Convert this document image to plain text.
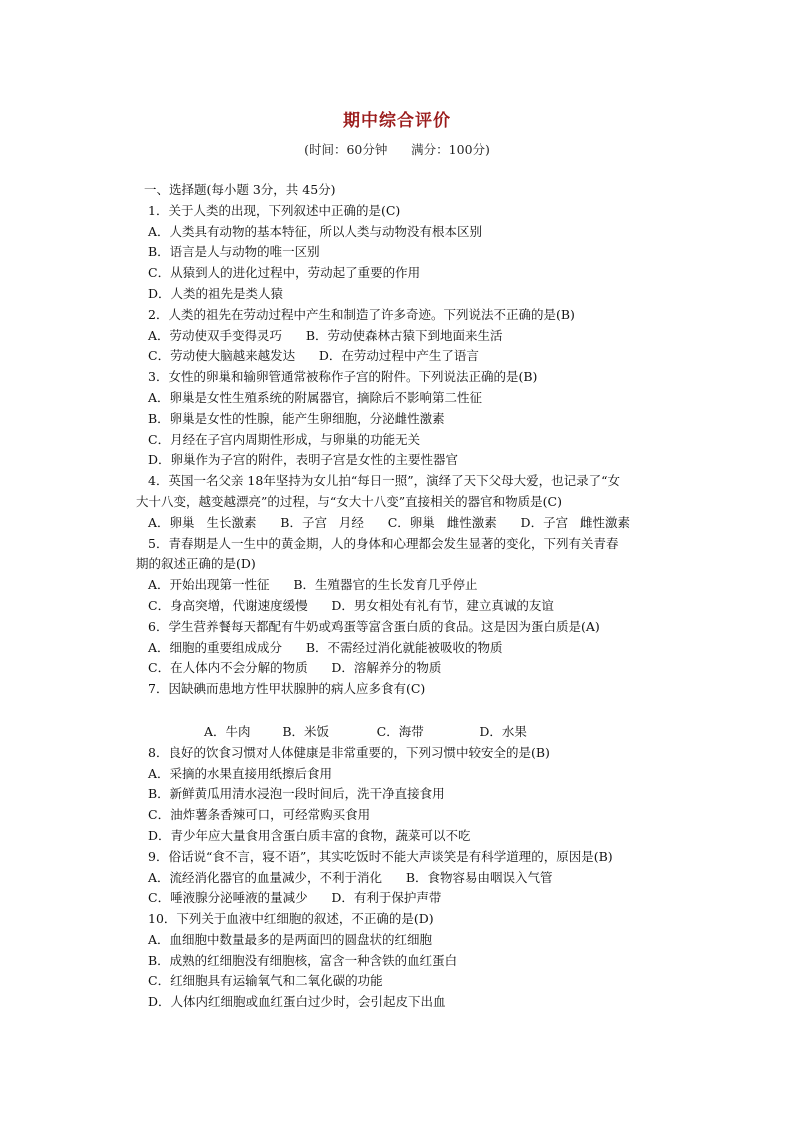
期中综合评价
(时间：60分钟      满分：100分)
一、选择题(每小题 3分，共 45分)
1．关于人类的出现，下列叙述中正确的是(C)
A．人类具有动物的基本特征，所以人类与动物没有根本区别
B．语言是人与动物的唯一区别
C．从猿到人的进化过程中，劳动起了重要的作用
D．人类的祖先是类人猿
2．人类的祖先在劳动过程中产生和制造了许多奇迹。下列说法不正确的是(B)
A．劳动使双手变得灵巧      B．劳动使森林古猿下到地面来生活
C．劳动使大脑越来越发达      D．在劳动过程中产生了语言
3．女性的卵巢和输卵管通常被称作子宫的附件。下列说法正确的是(B)
A．卵巢是女性生殖系统的附属器官，摘除后不影响第二性征
B．卵巢是女性的性腺，能产生卵细胞，分泌雌性激素
C．月经在子宫内周期性形成，与卵巢的功能无关
D．卵巢作为子宫的附件，表明子宫是女性的主要性器官
4．英国一名父亲 18年坚持为女儿拍“每日一照”，演绎了天下父母大爱，也记录了“女
大十八变，越变越漂亮”的过程，与“女大十八变”直接相关的器官和物质是(C)
A．卵巢   生长激素      B．子宫   月经      C．卵巢   雌性激素      D．子宫   雌性激素
5．青春期是人一生中的黄金期，人的身体和心理都会发生显著的变化，下列有关青春
期的叙述正确的是(D)
A．开始出现第一性征      B．生殖器官的生长发育几乎停止
C．身高突增，代谢速度缓慢      D．男女相处有礼有节，建立真诚的友谊
6．学生营养餐每天都配有牛奶或鸡蛋等富含蛋白质的食品。这是因为蛋白质是(A)
A．细胞的重要组成成分      B．不需经过消化就能被吸收的物质
C．在人体内不会分解的物质      D．溶解养分的物质
7．因缺碘而患地方性甲状腺肿的病人应多食有(C)
A．牛肉        B．米饭            C．海带              D．水果
8．良好的饮食习惯对人体健康是非常重要的，下列习惯中较安全的是(B)
A．采摘的水果直接用纸擦后食用
B．新鲜黄瓜用清水浸泡一段时间后，洗干净直接食用
C．油炸薯条香辣可口，可经常购买食用
D．青少年应大量食用含蛋白质丰富的食物，蔬菜可以不吃
9．俗话说“食不言，寝不语”，其实吃饭时不能大声谈笑是有科学道理的，原因是(B)
A．流经消化器官的血量减少，不利于消化      B．食物容易由咽误入气管
C．唾液腺分泌唾液的量减少      D．有利于保护声带
10．下列关于血液中红细胞的叙述，不正确的是(D)
A．血细胞中数量最多的是两面凹的圆盘状的红细胞
B．成熟的红细胞没有细胞核，富含一种含铁的血红蛋白
C．红细胞具有运输氧气和二氧化碳的功能
D．人体内红细胞或血红蛋白过少时，会引起皮下出血
